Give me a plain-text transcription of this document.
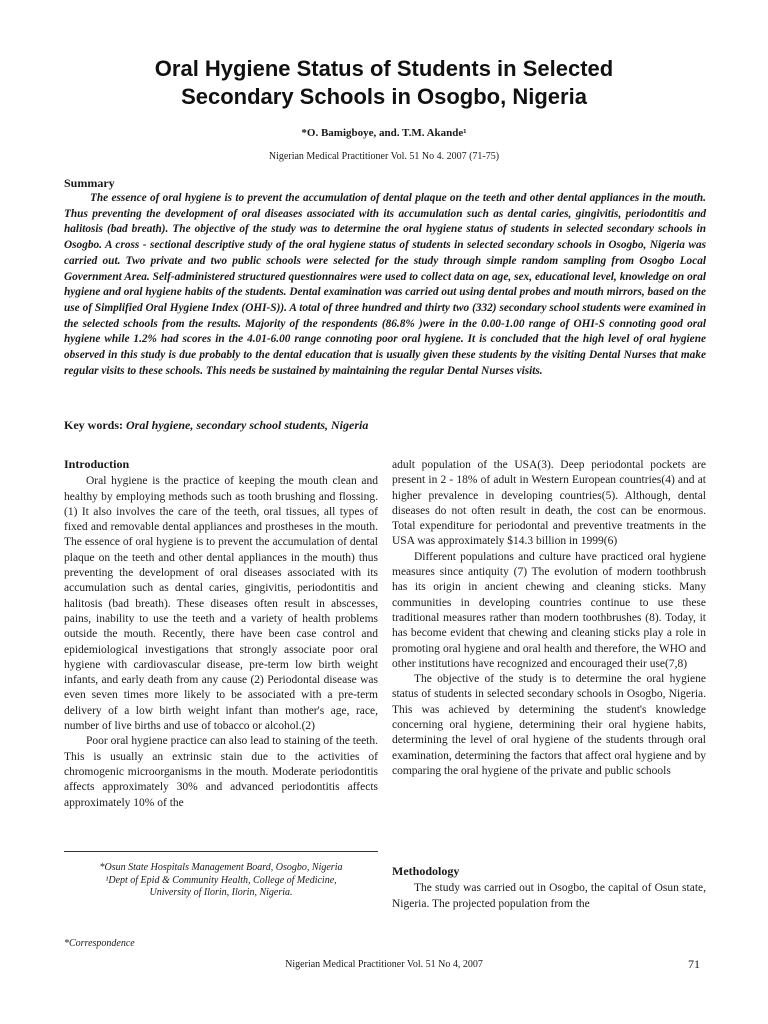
Oral Hygiene Status of Students in Selected
Secondary Schools in Osogbo, Nigeria
*O. Bamigboye, and. T.M. Akande¹
Nigerian Medical Practitioner Vol. 51 No 4. 2007 (71-75)
Summary

The essence of oral hygiene is to prevent the accumulation of dental plaque on the teeth and other dental appliances in the mouth. Thus preventing the development of oral diseases associated with its accumulation such as dental caries, gingivitis, periodontitis and halitosis (bad breath). The objective of the study was to determine the oral hygiene status of students in selected secondary schools in Osogbo. A cross - sectional descriptive study of the oral hygiene status of students in selected secondary schools in Osogbo, Nigeria was carried out. Two private and two public schools were selected for the study through simple random sampling from Osogbo Local Government Area. Self-administered structured questionnaires were used to collect data on age, sex, educational level, knowledge on oral hygiene and oral hygiene habits of the students. Dental examination was carried out using dental probes and mouth mirrors, based on the use of Simplified Oral Hygiene Index (OHI-S)). A total of three hundred and thirty two (332) secondary school students were examined in the selected schools from the results. Majority of the respondents (86.8% )were in the 0.00-1.00 range of OHI-S connoting good oral hygiene while 1.2% had scores in the 4.01-6.00 range connoting poor oral hygiene. It is concluded that the high level of oral hygiene observed in this study is due probably to the dental education that is usually given these students by the visiting Dental Nurses that make regular visits to these schools. This needs be sustained by maintaining the regular Dental Nurses visits.

Key words: Oral hygiene, secondary school students, Nigeria
Introduction

Oral hygiene is the practice of keeping the mouth clean and healthy by employing methods such as tooth brushing and flossing.(1) It also involves the care of the teeth, oral tissues, all types of fixed and removable dental appliances and prostheses in the mouth. The essence of oral hygiene is to prevent the accumulation of dental plaque on the teeth and other dental appliances in the mouth) thus preventing the development of oral diseases associated with its accumulation such as dental caries, gingivitis, periodontitis and halitosis (bad breath). These diseases often result in abscesses, pains, inability to use the teeth and a variety of health problems outside the mouth. Recently, there have been case control and epidemiological investigations that strongly associate poor oral hygiene with cardiovascular disease, pre-term low birth weight infants, and early death from any cause (2) Periodontal disease was even seven times more likely to be associated with a pre-term delivery of a low birth weight infant than mother's age, race, number of live births and use of tobacco or alcohol.(2)

Poor oral hygiene practice can also lead to staining of the teeth. This is usually an extrinsic stain due to the activities of chromogenic microorganisms in the mouth. Moderate periodontitis affects approximately 30% and advanced periodontitis affects approximately 10% of the

adult population of the USA(3). Deep periodontal pockets are present in 2 - 18% of adult in Western European countries(4) and at higher prevalence in developing countries(5). Although, dental diseases do not often result in death, the cost can be enormous. Total expenditure for periodontal and preventive treatments in the USA was approximately $14.3 billion in 1999(6)

Different populations and culture have practiced oral hygiene measures since antiquity (7) The evolution of modern toothbrush has its origin in ancient chewing and cleaning sticks. Many communities in developing countries continue to use these traditional measures rather than modern toothbrushes (8). Today, it has become evident that chewing and cleaning sticks play a role in promoting oral hygiene and oral health and therefore, the WHO and other institutions have recognized and encouraged their use(7,8)

The objective of the study is to determine the oral hygiene status of students in selected secondary schools in Osogbo, Nigeria. This was achieved by determining the student's knowledge concerning oral hygiene, determining their oral hygiene habits, determining the level of oral hygiene of the students through oral examination, determining the factors that affect oral hygiene and by comparing the oral hygiene of the private and public schools

*Osun State Hospitals Management Board, Osogbo, Nigeria
¹Dept of Epid & Community Health, College of Medicine,
University of Ilorin, Ilorin, Nigeria.
Methodology

The study was carried out in Osogbo, the capital of Osun state, Nigeria. The projected population from the

*Correspondence
Nigerian Medical Practitioner Vol. 51 No 4, 2007	71
